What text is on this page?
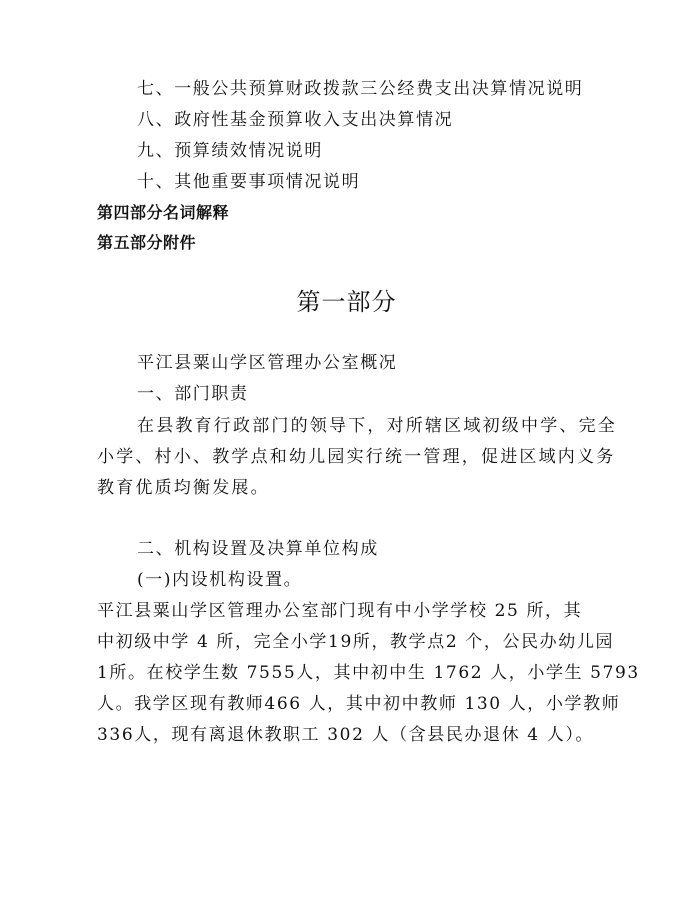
七、一般公共预算财政拨款三公经费支出决算情况说明
八、政府性基金预算收入支出决算情况
九、预算绩效情况说明
十、其他重要事项情况说明
第四部分名词解释
第五部分附件
第一部分
平江县粟山学区管理办公室概况
一、部门职责
在县教育行政部门的领导下，对所辖区域初级中学、完全
小学、村小、教学点和幼儿园实行统一管理，促进区域内义务
教育优质均衡发展。
二、机构设置及决算单位构成
(一)内设机构设置。
平江县粟山学区管理办公室部门现有中小学学校 25 所，其
中初级中学 4 所，完全小学19所，教学点2 个，公民办幼儿园
1所。在校学生数 7555人，其中初中生 1762 人，小学生 5793
人。我学区现有教师466 人，其中初中教师 130 人，小学教师
336人，现有离退休教职工 302 人（含县民办退休 4 人）。
